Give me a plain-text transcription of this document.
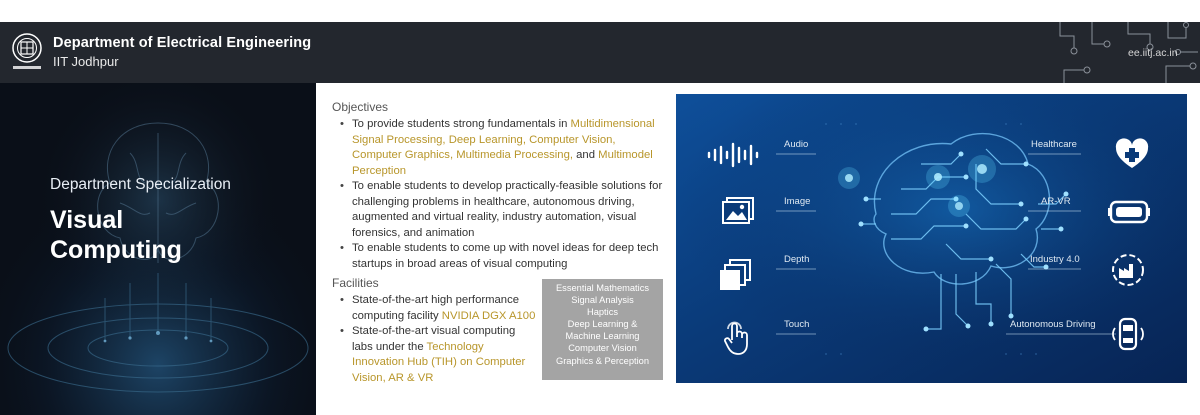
Department of Electrical Engineering
IIT Jodhpur
ee.iitj.ac.in
Department Specialization
Visual
Computing
Objectives
• To provide students strong fundamentals in Multidimensional Signal Processing, Deep Learning, Computer Vision, Computer Graphics, Multimedia Processing, and Multimodel Perception
• To enable students to develop practically-feasible solutions for challenging problems in healthcare, autonomous driving, augmented and virtual reality, industry automation, visual forensics, and animation
• To enable students to come up with novel ideas for deep tech startups in broad areas of visual computing
Facilities
• State-of-the-art high performance computing facility NVIDIA DGX A100
• State-of-the-art visual computing labs under the Technology Innovation Hub (TIH) on Computer Vision, AR & VR
Essential Mathematics
Signal Analysis
Haptics
Deep Learning &
Machine Learning
Computer Vision
Graphics & Perception
Audio
Image
Depth
Touch
Healthcare
AR-VR
Industry 4.0
Autonomous Driving
